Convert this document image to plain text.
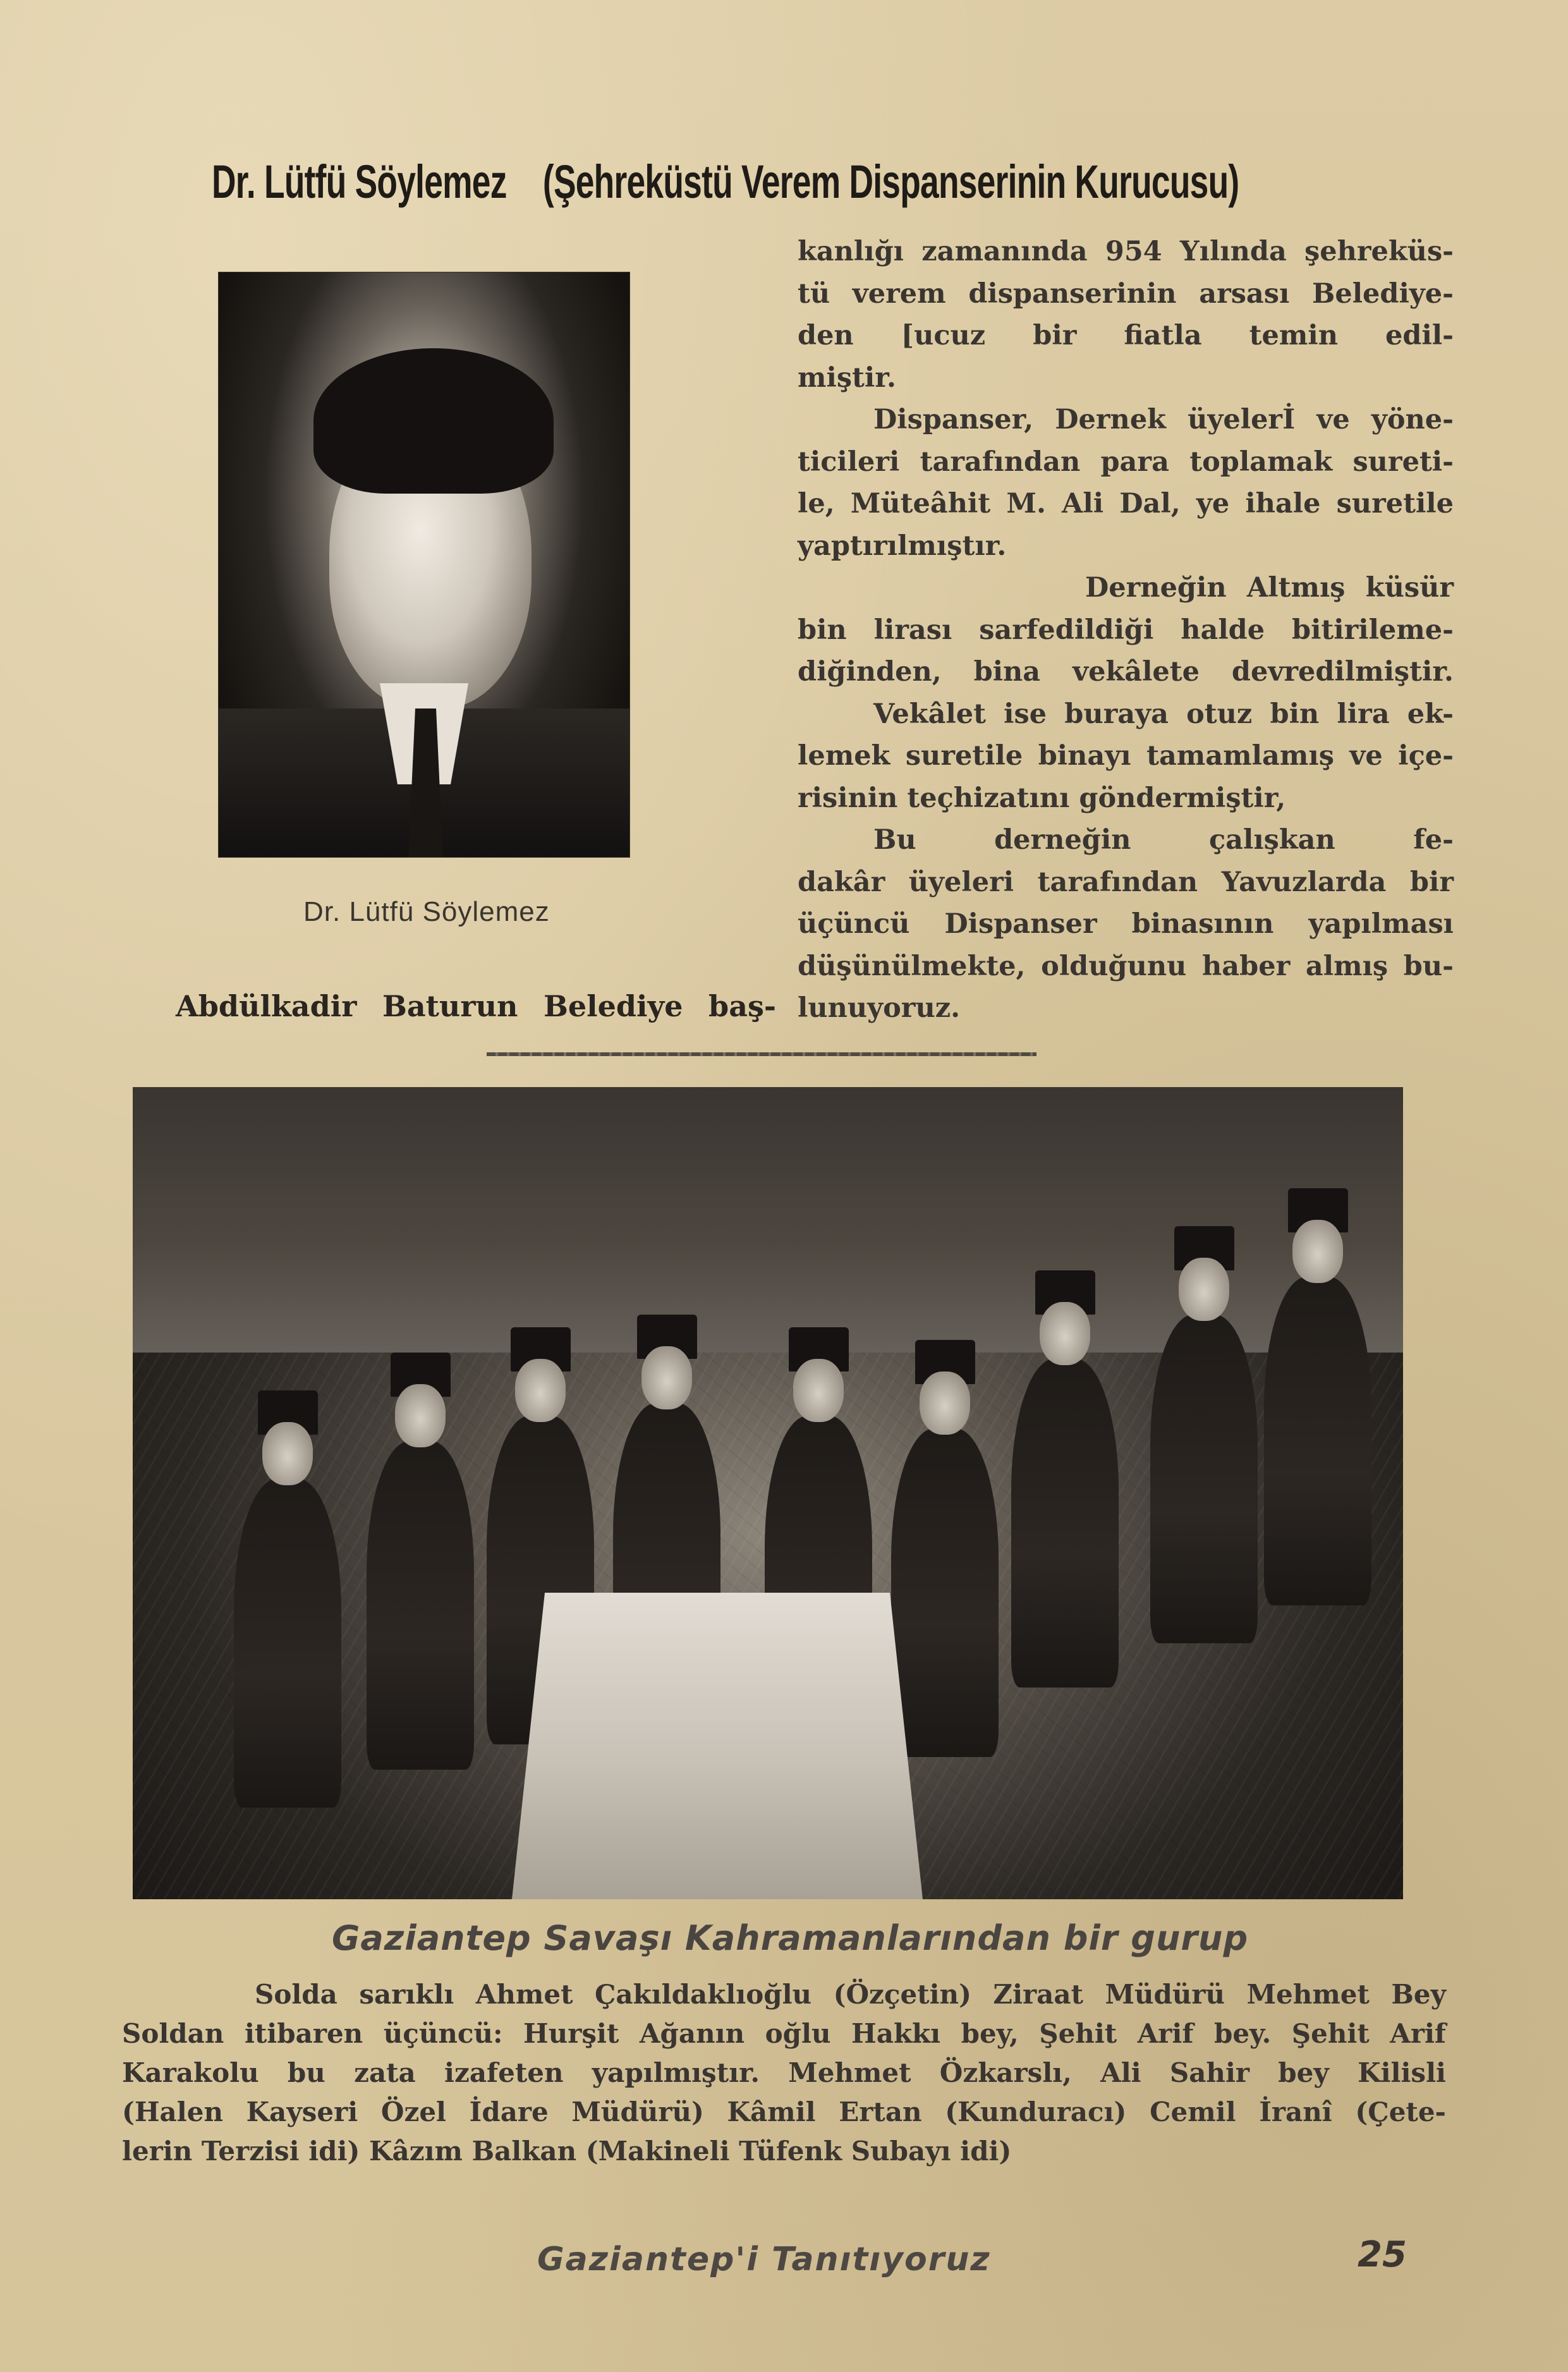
Dr. Lütfü Söylemez (Şehreküstü Verem Dispanserinin Kurucusu)
Dr. Lütfü Söylemez
Abdülkadir Baturun Belediye baş-

kanlığı zamanında 954 Yılında şehreküs-

tü verem dispanserinin arsası Belediye-

den [ucuz bir fiatla temin edil-

miştir.

Dispanser, Dernek üyelerİ ve yöne-

ticileri tarafından para toplamak sureti-

le, Müteâhit M. Ali Dal, ye ihale suretile

yaptırılmıştır.

Derneğin Altmış küsür

bin lirası sarfedildiği halde bitirileme-

diğinden, bina vekâlete devredilmiştir.

Vekâlet ise buraya otuz bin lira ek-

lemek suretile binayı tamamlamış ve içe-

risinin teçhizatını göndermiştir,

Bu derneğin çalışkan fe-

dakâr üyeleri tarafından Yavuzlarda bir

üçüncü Dispanser binasının yapılması

düşünülmekte, olduğunu haber almış bu-

lunuyoruz.

Gaziantep Savaşı Kahramanlarından bir gurup

Solda sarıklı Ahmet Çakıldaklıoğlu (Özçetin) Ziraat Müdürü Mehmet Bey

Soldan itibaren üçüncü: Hurşit Ağanın oğlu Hakkı bey, Şehit Arif bey. Şehit Arif

Karakolu bu zata izafeten yapılmıştır. Mehmet Özkarslı, Ali Sahir bey Kilisli

(Halen Kayseri Özel İdare Müdürü) Kâmil Ertan (Kunduracı) Cemil İranî (Çete-

lerin Terzisi idi) Kâzım Balkan (Makineli Tüfenk Subayı idi)

Gaziantep'i Tanıtıyoruz	25
